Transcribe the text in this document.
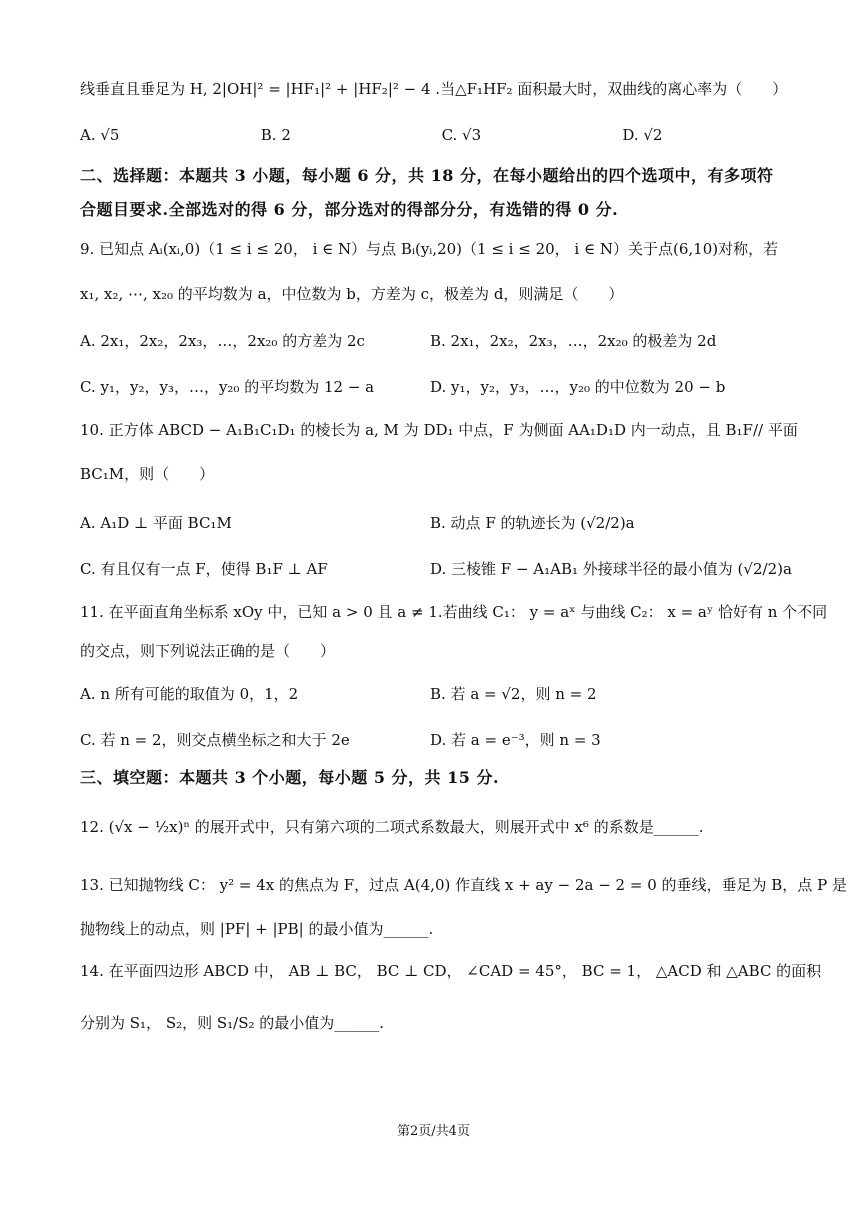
线垂直且垂足为 H, 2|OH|² = |HF₁|² + |HF₂|² − 4 .当△F₁HF₂ 面积最大时，双曲线的离心率为（　　）
A. √5	B. 2	C. √3	D. √2
二、选择题：本题共 3 小题，每小题 6 分，共 18 分，在每小题给出的四个选项中，有多项符
合题目要求.全部选对的得 6 分，部分选对的得部分分，有选错的得 0 分.
9. 已知点 Aᵢ(xᵢ,0)（1 ≤ i ≤ 20， i ∈ N）与点 Bᵢ(yᵢ,20)（1 ≤ i ≤ 20， i ∈ N）关于点(6,10)对称，若
x₁, x₂, ⋯, x₂₀ 的平均数为 a，中位数为 b，方差为 c，极差为 d，则满足（　　）
A. 2x₁，2x₂，2x₃，…，2x₂₀ 的方差为 2c	B. 2x₁，2x₂，2x₃，…，2x₂₀ 的极差为 2d
C. y₁，y₂，y₃，…，y₂₀ 的平均数为 12 − a	D. y₁，y₂，y₃，…，y₂₀ 的中位数为 20 − b
10. 正方体 ABCD − A₁B₁C₁D₁ 的棱长为 a, M 为 DD₁ 中点，F 为侧面 AA₁D₁D 内一动点，且 B₁F// 平面
BC₁M，则（　　）
A. A₁D ⊥ 平面 BC₁M	B. 动点 F 的轨迹长为 (√2/2)a
C. 有且仅有一点 F，使得 B₁F ⊥ AF	D. 三棱锥 F − A₁AB₁ 外接球半径的最小值为 (√2/2)a
11. 在平面直角坐标系 xOy 中，已知 a > 0 且 a ≠ 1.若曲线 C₁： y = aˣ 与曲线 C₂： x = aʸ 恰好有 n 个不同
的交点，则下列说法正确的是（　　）
A. n 所有可能的取值为 0，1，2	B. 若 a = √2，则 n = 2
C. 若 n = 2，则交点横坐标之和大于 2e	D. 若 a = e⁻³，则 n = 3
三、填空题：本题共 3 个小题，每小题 5 分，共 15 分.
12. (√x − ½x)ⁿ 的展开式中，只有第六项的二项式系数最大，则展开式中 x⁶ 的系数是______.
13. 已知抛物线 C： y² = 4x 的焦点为 F，过点 A(4,0) 作直线 x + ay − 2a − 2 = 0 的垂线，垂足为 B，点 P 是
抛物线上的动点，则 |PF| + |PB| 的最小值为______.
14. 在平面四边形 ABCD 中， AB ⊥ BC， BC ⊥ CD， ∠CAD = 45°， BC = 1， △ACD 和 △ABC 的面积
分别为 S₁， S₂，则 S₁/S₂ 的最小值为______.
第2页/共4页
